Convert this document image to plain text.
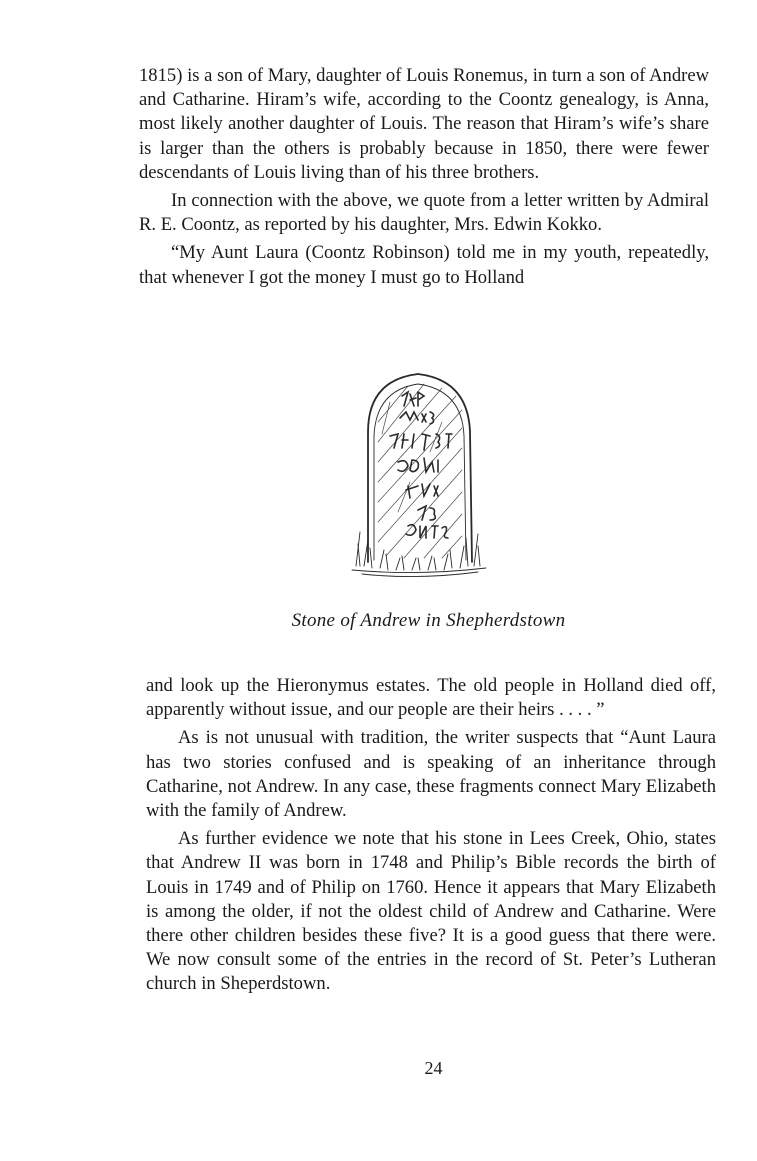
1815) is a son of Mary, daughter of Louis Ronemus, in turn a son of Andrew and Catharine. Hiram’s wife, according to the Coontz genealogy, is Anna, most likely another daughter of Louis. The reason that Hiram’s wife’s share is larger than the others is probably because in 1850, there were fewer descendants of Louis living than of his three brothers.

In connection with the above, we quote from a letter written by Admiral R. E. Coontz, as reported by his daughter, Mrs. Edwin Kokko.

“My Aunt Laura (Coontz Robinson) told me in my youth, repeatedly, that whenever I got the money I must go to Holland

Stone of Andrew in Shepherdstown

and look up the Hieronymus estates. The old people in Holland died off, apparently without issue, and our people are their heirs . . . . ”

As is not unusual with tradition, the writer suspects that “Aunt Laura has two stories confused and is speaking of an inheritance through Catharine, not Andrew. In any case, these fragments connect Mary Elizabeth with the family of Andrew.

As further evidence we note that his stone in Lees Creek, Ohio, states that Andrew II was born in 1748 and Philip’s Bible records the birth of Louis in 1749 and of Philip on 1760. Hence it appears that Mary Elizabeth is among the older, if not the oldest child of Andrew and Catharine. Were there other children besides these five? It is a good guess that there were. We now consult some of the entries in the record of St. Peter’s Lutheran church in Sheperdstown.

24
